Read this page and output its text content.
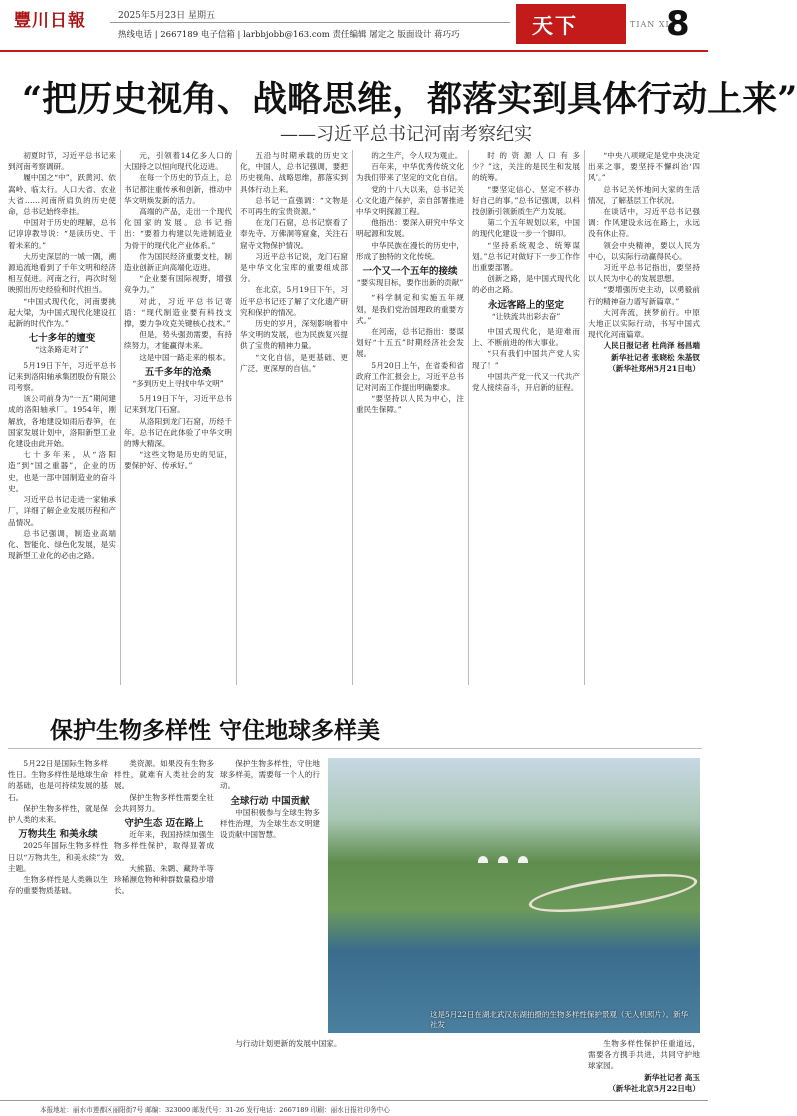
豐川日報	2025年5月23日 星期五
热线电话 | 2667189 电子信箱 | larbbjobb@163.com 责任编辑 屠定之 版面设计 蒋巧巧	天下	TIAN XIA
8
“把历史视角、战略思维，都落实到具体行动上来”
——习近平总书记河南考察纪实

初夏时节，习近平总书记来到河南考察调研。

履中国之“中”，跃黄河、依嵩岭、临太行。人口大省、农业大省……河南所肩负的历史使命，总书记始终牵挂。

中国对于历史的理解，总书记谆谆教导说：“是读历史、干着未来的。”

大历史深层的一城一隅，溯源追流地看到了千年文明和经济相互促进。河南之行，再次时刻映照出历史经验和时代担当。

“中国式现代化，河南要挑起大梁，为中国式现代化建设扛起新的时代作为。”

七十多年的嬗变
“这条路走对了”

5月19日下午，习近平总书记来到洛阳轴承集团股份有限公司考察。

该公司前身为“一五”期间建成的洛阳轴承厂。1954年，刚解放，各地建设如雨后春笋，在国家发展计划中，洛阳新型工业化建设由此开始。

七十多年来，从“洛阳造”到“国之重器”，企业的历史，也是一部中国制造业的奋斗史。

习近平总书记走进一家轴承厂，详细了解企业发展历程和产品情况。

总书记强调，制造业高端化、智能化、绿色化发展，是实现新型工业化的必由之路。

元，引领着14亿多人口的大国持之以恒向现代化迈进。

在每一个历史的节点上，总书记都注重传承和创新，推动中华文明焕发新的活力。

高端的产品，走出一个现代化国家的发展。总书记指出：“要着力构建以先进制造业为骨干的现代化产业体系。”

作为国民经济重要支柱，制造业创新正向高端化迈进。

“企业要有国际视野，增强竞争力。”

对此，习近平总书记寄语：“现代制造业要有科技支撑，要力争攻克关键核心技术。”

但是，势头强劲需要，有持续努力，才能赢得未来。

这是中国一路走来的根本。

五千多年的沧桑
“多到历史上寻找中华文明”

5月19日下午，习近平总书记来到龙门石窟。

从洛阳到龙门石窟，历经千年。总书记在此体验了中华文明的博大精深。

“这些文物是历史的见证，要保护好、传承好。”

五沿与时期承载的历史文化，中国人，总书记强调，要把历史视角、战略思维，都落实到具体行动上来。

总书记一直强调：“文物是不可再生的宝贵资源。”

在龙门石窟，总书记察看了奉先寺、万佛洞等窟龛，关注石窟寺文物保护情况。

习近平总书记说，龙门石窟是中华文化宝库的重要组成部分。

在北京，5月19日下午，习近平总书记还了解了文化遗产研究和保护的情况。

历史的岁月，深刻影响着中华文明的发展，也为民族复兴提供了宝贵的精神力量。

“文化自信，是更基础、更广泛、更深厚的自信。”

的之生产，令人叹为观止。

百年来，中华优秀传统文化为我们带来了坚定的文化自信。

党的十八大以来，总书记关心文化遗产保护，亲自部署推进中华文明探源工程。

他指出：要深入研究中华文明起源和发展。

中华民族在漫长的历史中，形成了独特的文化传统。

一个又一个五年的接续
“要实现目标，要作出新的贡献”

“科学制定和实施五年规划，是我们党治国理政的重要方式。”

在河南，总书记指出：要谋划好“十五五”时期经济社会发展。

5月20日上午，在省委和省政府工作汇报会上，习近平总书记对河南工作提出明确要求。

“要坚持以人民为中心，注重民生保障。”

时的资源人口有多少？”这，关注的是民生和发展的统筹。

“要坚定信心、坚定不移办好自己的事。”总书记强调，以科技创新引领新质生产力发展。

第二个五年规划以来，中国的现代化建设一步一个脚印。

“坚持系统观念、统筹谋划。”总书记对做好下一步工作作出重要部署。

创新之路，是中国式现代化的必由之路。

永远客路上的坚定
“让铁流共出彩去奋”

中国式现代化，是迎难而上、不断前进的伟大事业。

“只有我们中国共产党人实现了！”

中国共产党一代又一代共产党人接续奋斗，开启新的征程。

“中央八项规定是党中央决定出来之事，要坚持不懈纠治‘四风’。”

总书记关怀地问大家的生活情况，了解基层工作状况。

在谈话中，习近平总书记强调：作风建设永远在路上，永远没有休止符。

领会中央精神，要以人民为中心，以实际行动赢得民心。

习近平总书记指出，要坚持以人民为中心的发展思想。

“要增强历史主动，以勇毅前行的精神奋力谱写新篇章。”

大河奔流，挟梦前行。中原大地正以实际行动，书写中国式现代化河南篇章。

人民日报记者 杜尚泽 杨昌端 新华社记者 张晓松 朱基钗

（新华社郑州5月21日电）

保护生物多样性 守住地球多样美

5月22日是国际生物多样性日。生物多样性是地球生命的基础，也是可持续发展的基石。

保护生物多样性，就是保护人类的未来。

万物共生 和美永续

2025年国际生物多样性日以“万物共生，和美永续”为主题。

生物多样性是人类赖以生存的重要物质基础。

类资源。如果没有生物多样性，就难有人类社会的发展。

保护生物多样性需要全社会共同努力。

守护生态 迈在路上

近年来，我国持续加强生物多样性保护，取得显著成效。

大熊猫、朱鹮、藏羚羊等珍稀濒危物种种群数量稳步增长。

保护生物多样性，守住地球多样美，需要每一个人的行动。

全球行动 中国贡献

中国积极参与全球生物多样性治理，为全球生态文明建设贡献中国智慧。

与行动计划更新的发展中国家。	生物多样性保护任重道远，需要各方携手共进，共同守护地球家园。

新华社记者 高玉

（新华社北京5月22日电）

这是5月22日在湖北武汉东湖拍摄的生物多样性保护景观（无人机照片）。新华社发
本报地址：丽水市莲都区丽阳街7号 邮编：323000 邮发代号：31-26 发行电话：2667189 印刷：丽水日报社印务中心
